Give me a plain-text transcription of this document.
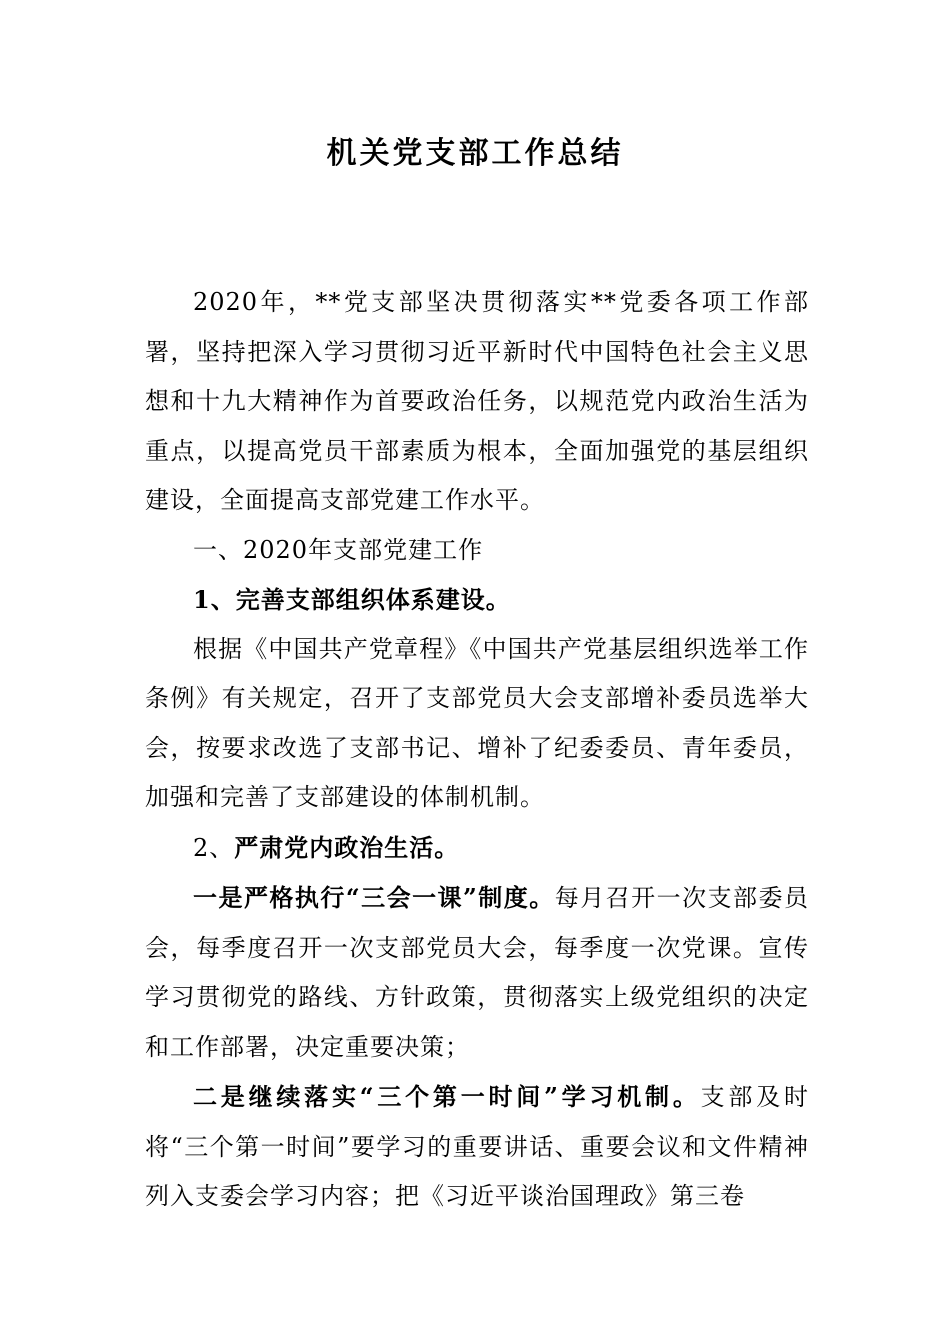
机关党支部工作总结

2020年，**党支部坚决贯彻落实**党委各项工作部署，坚持把深入学习贯彻习近平新时代中国特色社会主义思想和十九大精神作为首要政治任务，以规范党内政治生活为重点，以提高党员干部素质为根本，全面加强党的基层组织建设，全面提高支部党建工作水平。

一、2020年支部党建工作

1、完善支部组织体系建设。

根据《中国共产党章程》《中国共产党基层组织选举工作条例》有关规定，召开了支部党员大会支部增补委员选举大会，按要求改选了支部书记、增补了纪委委员、青年委员，加强和完善了支部建设的体制机制。

2、严肃党内政治生活。

一是严格执行“三会一课”制度。每月召开一次支部委员会，每季度召开一次支部党员大会，每季度一次党课。宣传学习贯彻党的路线、方针政策，贯彻落实上级党组织的决定和工作部署，决定重要决策；

二是继续落实“三个第一时间”学习机制。支部及时将“三个第一时间”要学习的重要讲话、重要会议和文件精神列入支委会学习内容；把《习近平谈治国理政》第三卷
